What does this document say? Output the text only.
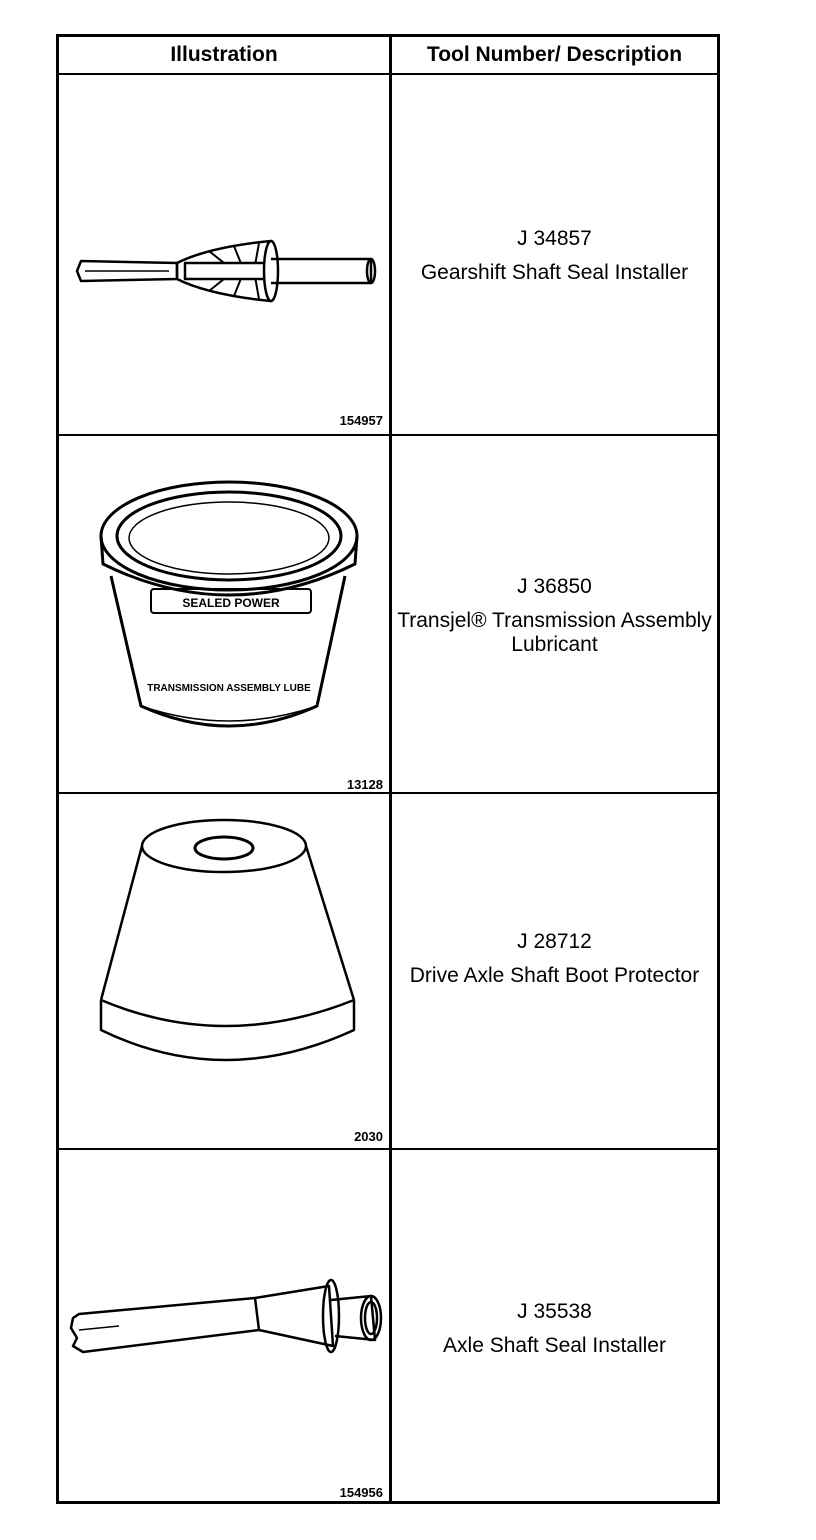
Illustration	Tool Number/ Description
154957
J 34857
Gearshift Shaft Seal Installer
SEALED POWER
TRANSMISSION ASSEMBLY LUBE
13128
J 36850
Transjel® Transmission Assembly Lubricant
2030
J 28712
Drive Axle Shaft Boot Protector
154956
J 35538
Axle Shaft Seal Installer
